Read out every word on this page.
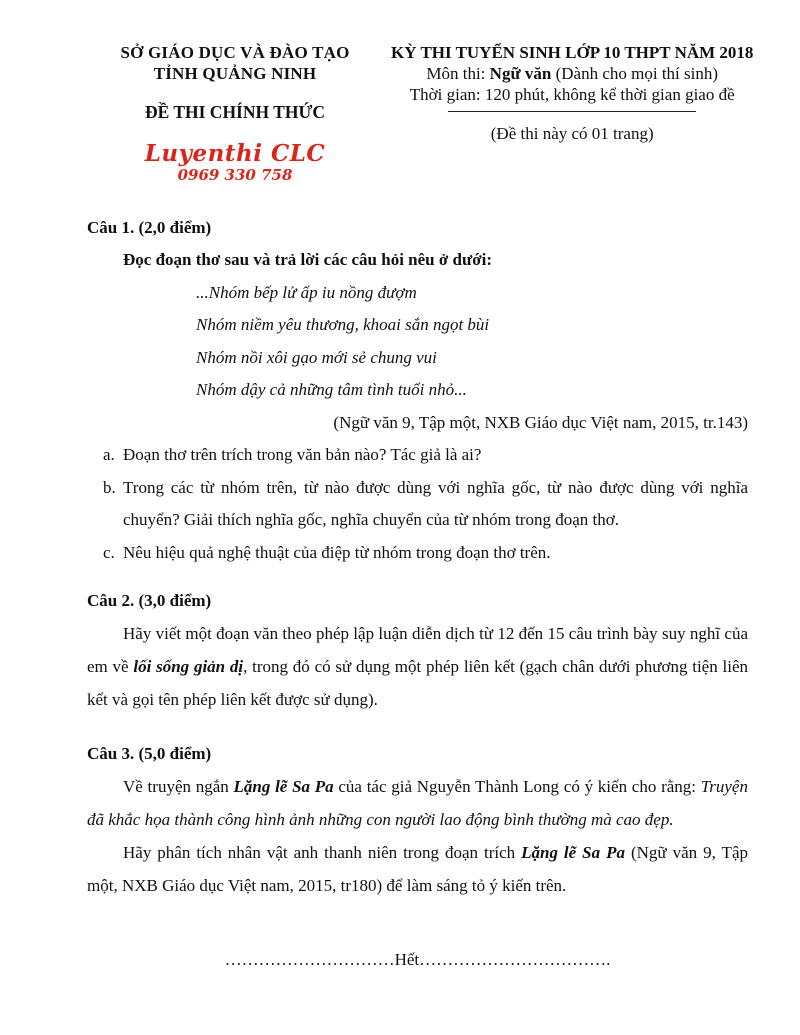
SỞ GIÁO DỤC VÀ ĐÀO TẠO
TỈNH QUẢNG NINH
ĐỀ THI CHÍNH THỨC
Luyenthi CLC
0969 330 758
KỲ THI TUYỂN SINH LỚP 10 THPT NĂM 2018
Môn thi: Ngữ văn (Dành cho mọi thí sinh)
Thời gian: 120 phút, không kể thời gian giao đề
(Đề thi này có 01 trang)
Câu 1. (2,0 điểm)
Đọc đoạn thơ sau và trả lời các câu hỏi nêu ở dưới:
...Nhóm bếp lử ấp iu nồng đượm
Nhóm niềm yêu thương, khoai sắn ngọt bùi
Nhóm nồi xôi gạo mới sẻ chung vui
Nhóm dậy cả những tâm tình tuổi nhỏ...
(Ngữ văn 9, Tập một, NXB Giáo dục Việt nam, 2015, tr.143)
a. Đoạn thơ trên trích trong văn bản nào? Tác giả là ai?
b. Trong các từ nhóm trên, từ nào được dùng với nghĩa gốc, từ nào được dùng với nghĩa chuyển? Giải thích nghĩa gốc, nghĩa chuyển của từ nhóm trong đoạn thơ.
c. Nêu hiệu quả nghệ thuật của điệp từ nhóm trong đoạn thơ trên.
Câu 2. (3,0 điểm)
Hãy viết một đoạn văn theo phép lập luận diễn dịch từ 12 đến 15 câu trình bày suy nghĩ của em về lối sống giản dị, trong đó có sử dụng một phép liên kết (gạch chân dưới phương tiện liên kết và gọi tên phép liên kết được sử dụng).
Câu 3. (5,0 điểm)
Về truyện ngắn Lặng lẽ Sa Pa của tác giả Nguyễn Thành Long có ý kiến cho rằng: Truyện đã khắc họa thành công hình ảnh những con người lao động bình thường mà cao đẹp.
Hãy phân tích nhân vật anh thanh niên trong đoạn trích Lặng lẽ Sa Pa (Ngữ văn 9, Tập một, NXB Giáo dục Việt nam, 2015, tr180) để làm sáng tỏ ý kiến trên.
…………………………Hết…………………………….
